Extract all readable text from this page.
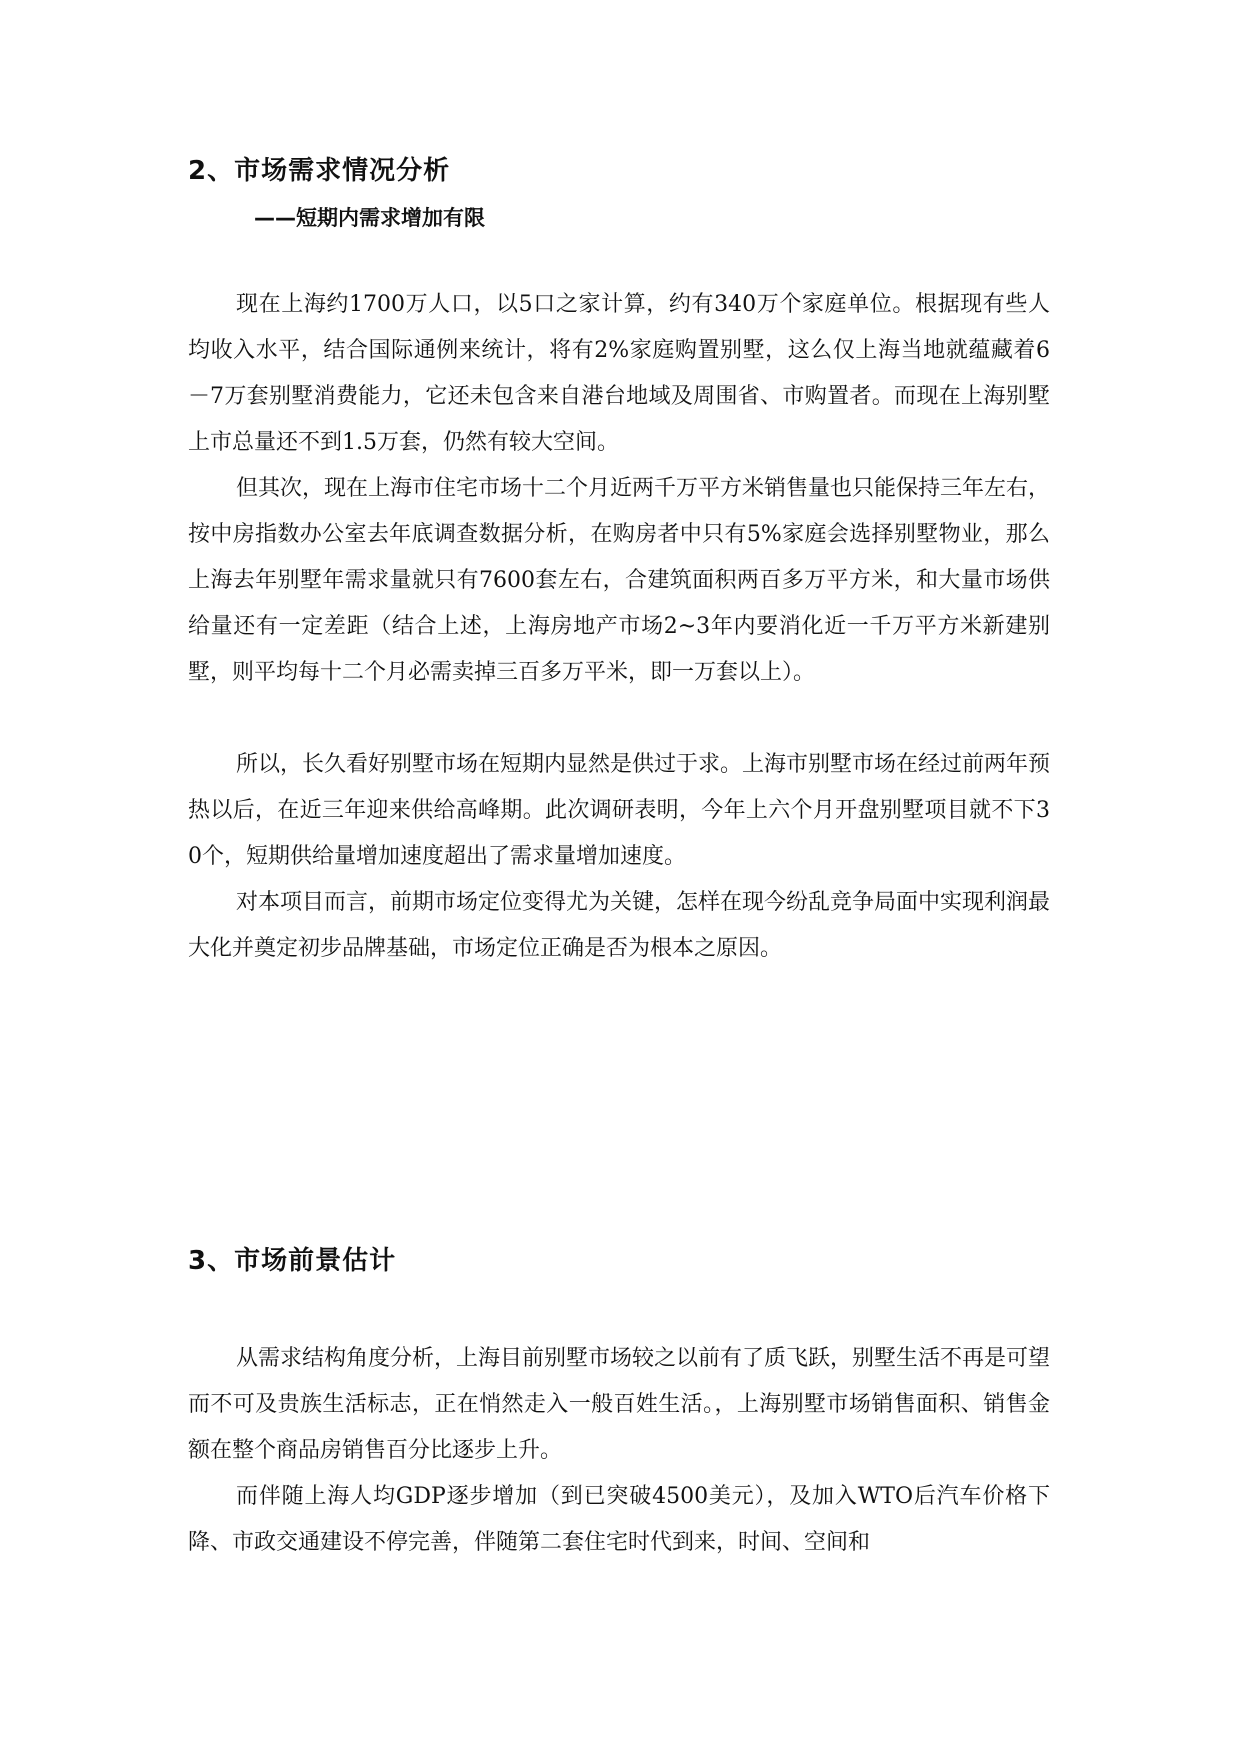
2、市场需求情况分析
——短期内需求增加有限

现在上海约1700万人口，以5口之家计算，约有340万个家庭单位。根据现有些人均收入水平，结合国际通例来统计，将有2%家庭购置别墅，这么仅上海当地就蕴藏着6－7万套别墅消费能力，它还未包含来自港台地域及周围省、市购置者。而现在上海别墅上市总量还不到1.5万套，仍然有较大空间。

但其次，现在上海市住宅市场十二个月近两千万平方米销售量也只能保持三年左右，按中房指数办公室去年底调查数据分析，在购房者中只有5%家庭会选择别墅物业，那么上海去年别墅年需求量就只有7600套左右，合建筑面积两百多万平方米，和大量市场供给量还有一定差距（结合上述，上海房地产市场2~3年内要消化近一千万平方米新建别墅，则平均每十二个月必需卖掉三百多万平米，即一万套以上）。

所以，长久看好别墅市场在短期内显然是供过于求。上海市别墅市场在经过前两年预热以后，在近三年迎来供给高峰期。此次调研表明，今年上六个月开盘别墅项目就不下30个，短期供给量增加速度超出了需求量增加速度。

对本项目而言，前期市场定位变得尤为关键，怎样在现今纷乱竞争局面中实现利润最大化并奠定初步品牌基础，市场定位正确是否为根本之原因。

3、市场前景估计

从需求结构角度分析，上海目前别墅市场较之以前有了质飞跃，别墅生活不再是可望而不可及贵族生活标志，正在悄然走入一般百姓生活。，上海别墅市场销售面积、销售金额在整个商品房销售百分比逐步上升。

而伴随上海人均GDP逐步增加（到已突破4500美元），及加入WTO后汽车价格下降、市政交通建设不停完善，伴随第二套住宅时代到来，时间、空间和
